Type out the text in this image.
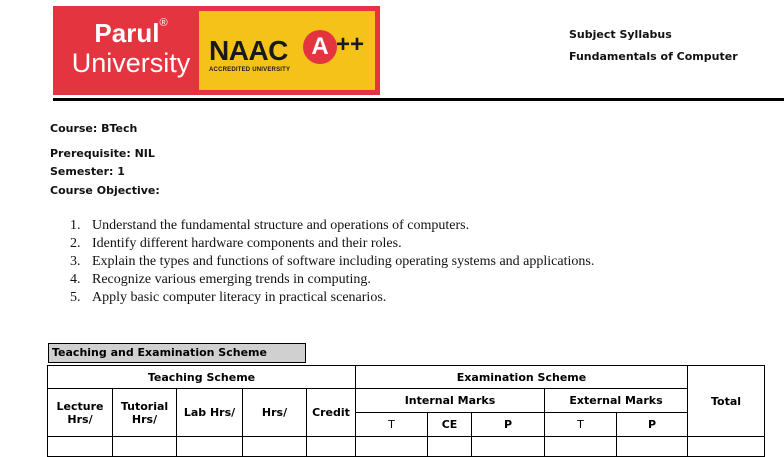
Parul®
University NAAC A ++
ACCREDITED UNIVERSITY
Subject Syllabus
Fundamentals of Computer
Course: BTech
Prerequisite: NIL
Semester: 1
Course Objective:
1. Understand the fundamental structure and operations of computers.
2. Identify different hardware components and their roles.
3. Explain the types and functions of software including operating systems and applications.
4. Recognize various emerging trends in computing.
5. Apply basic computer literacy in practical scenarios.
Teaching and Examination Scheme
Teaching Scheme					Examination Scheme					Total
Lecture Hrs/	Tutorial Hrs/	Lab Hrs/	Hrs/	Credit	Internal Marks			External Marks		
					T	CE	P	T	P	
